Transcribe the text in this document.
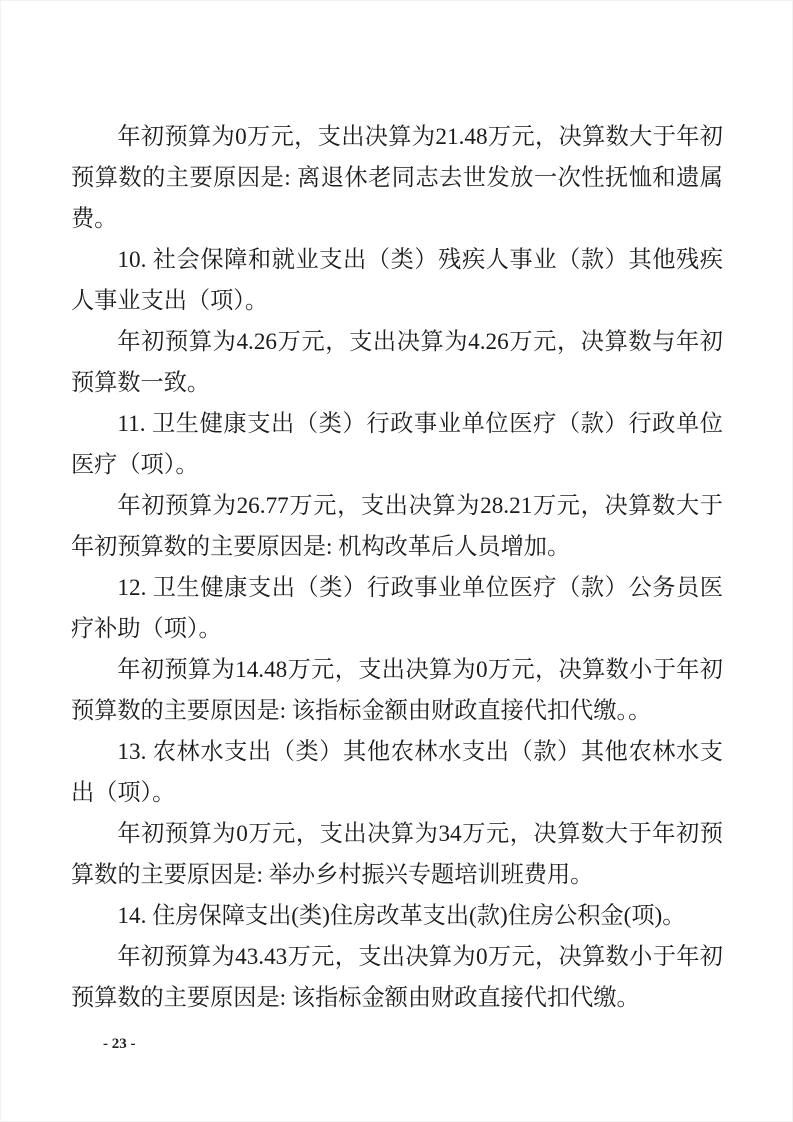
年初预算为0万元，支出决算为21.48万元，决算数大于年初预算数的主要原因是: 离退休老同志去世发放一次性抚恤和遗属费。

10. 社会保障和就业支出（类）残疾人事业（款）其他残疾人事业支出（项）。

年初预算为4.26万元，支出决算为4.26万元，决算数与年初预算数一致。

11. 卫生健康支出（类）行政事业单位医疗（款）行政单位医疗（项）。

年初预算为26.77万元，支出决算为28.21万元，决算数大于年初预算数的主要原因是: 机构改革后人员增加。

12. 卫生健康支出（类）行政事业单位医疗（款）公务员医疗补助（项）。

年初预算为14.48万元，支出决算为0万元，决算数小于年初预算数的主要原因是: 该指标金额由财政直接代扣代缴。。

13. 农林水支出（类）其他农林水支出（款）其他农林水支出（项）。

年初预算为0万元，支出决算为34万元，决算数大于年初预算数的主要原因是: 举办乡村振兴专题培训班费用。

14. 住房保障支出(类)住房改革支出(款)住房公积金(项)。

年初预算为43.43万元，支出决算为0万元，决算数小于年初预算数的主要原因是: 该指标金额由财政直接代扣代缴。

- 23 -
